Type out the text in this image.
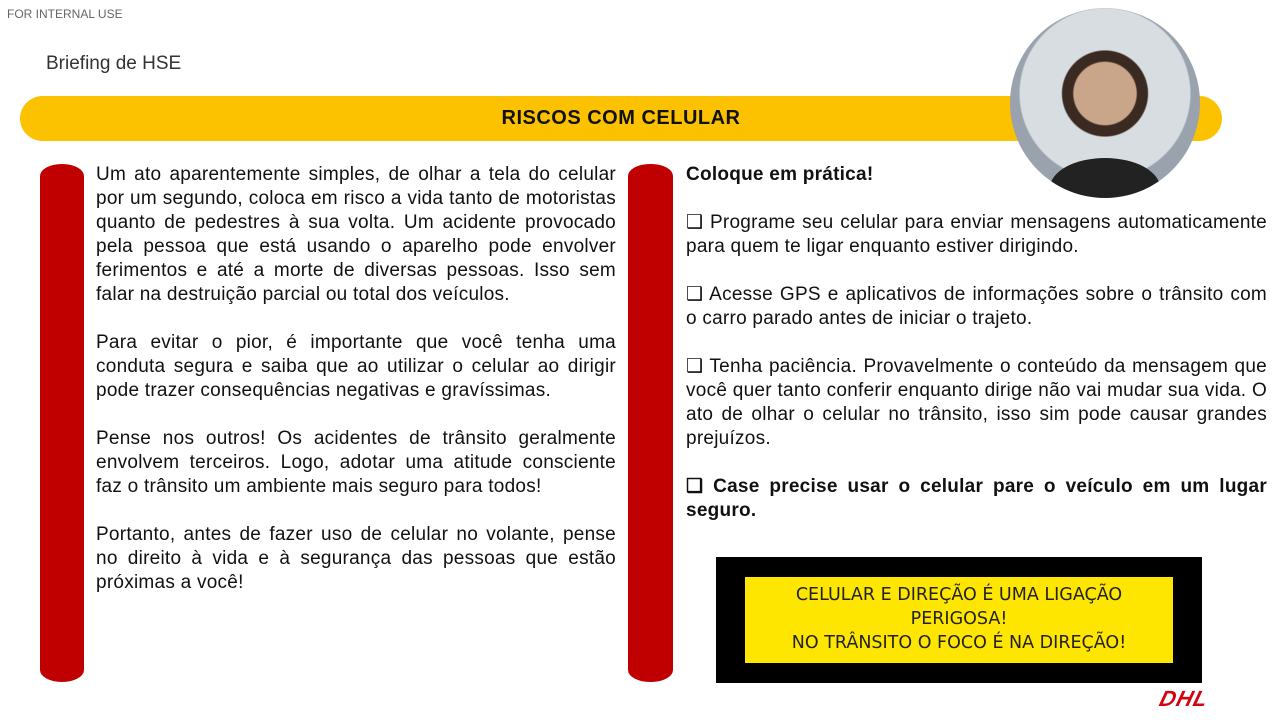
FOR INTERNAL USE
Briefing de HSE
RISCOS COM CELULAR

Um ato aparentemente simples, de olhar a tela do celular por um segundo, coloca em risco a vida tanto de motoristas quanto de pedestres à sua volta. Um acidente provocado pela pessoa que está usando o aparelho pode envolver ferimentos e até a morte de diversas pessoas. Isso sem falar na destruição parcial ou total dos veículos.

Para evitar o pior, é importante que você tenha uma conduta segura e saiba que ao utilizar o celular ao dirigir pode trazer consequências negativas e gravíssimas.

Pense nos outros! Os acidentes de trânsito geralmente envolvem terceiros. Logo, adotar uma atitude consciente faz o trânsito um ambiente mais seguro para todos!

Portanto, antes de fazer uso de celular no volante, pense no direito à vida e à segurança das pessoas que estão próximas a você!

Coloque em prática!

❑ Programe seu celular para enviar mensagens automaticamente para quem te ligar enquanto estiver dirigindo.

❑ Acesse GPS e aplicativos de informações sobre o trânsito com o carro parado antes de iniciar o trajeto.

❑ Tenha paciência. Provavelmente o conteúdo da mensagem que você quer tanto conferir enquanto dirige não vai mudar sua vida. O ato de olhar o celular no trânsito, isso sim pode causar grandes prejuízos.

❑ Case precise usar o celular pare o veículo em um lugar seguro.

CELULAR E DIREÇÃO É UMA LIGAÇÃO
PERIGOSA!
NO TRÂNSITO O FOCO É NA DIREÇÃO!
DHL
